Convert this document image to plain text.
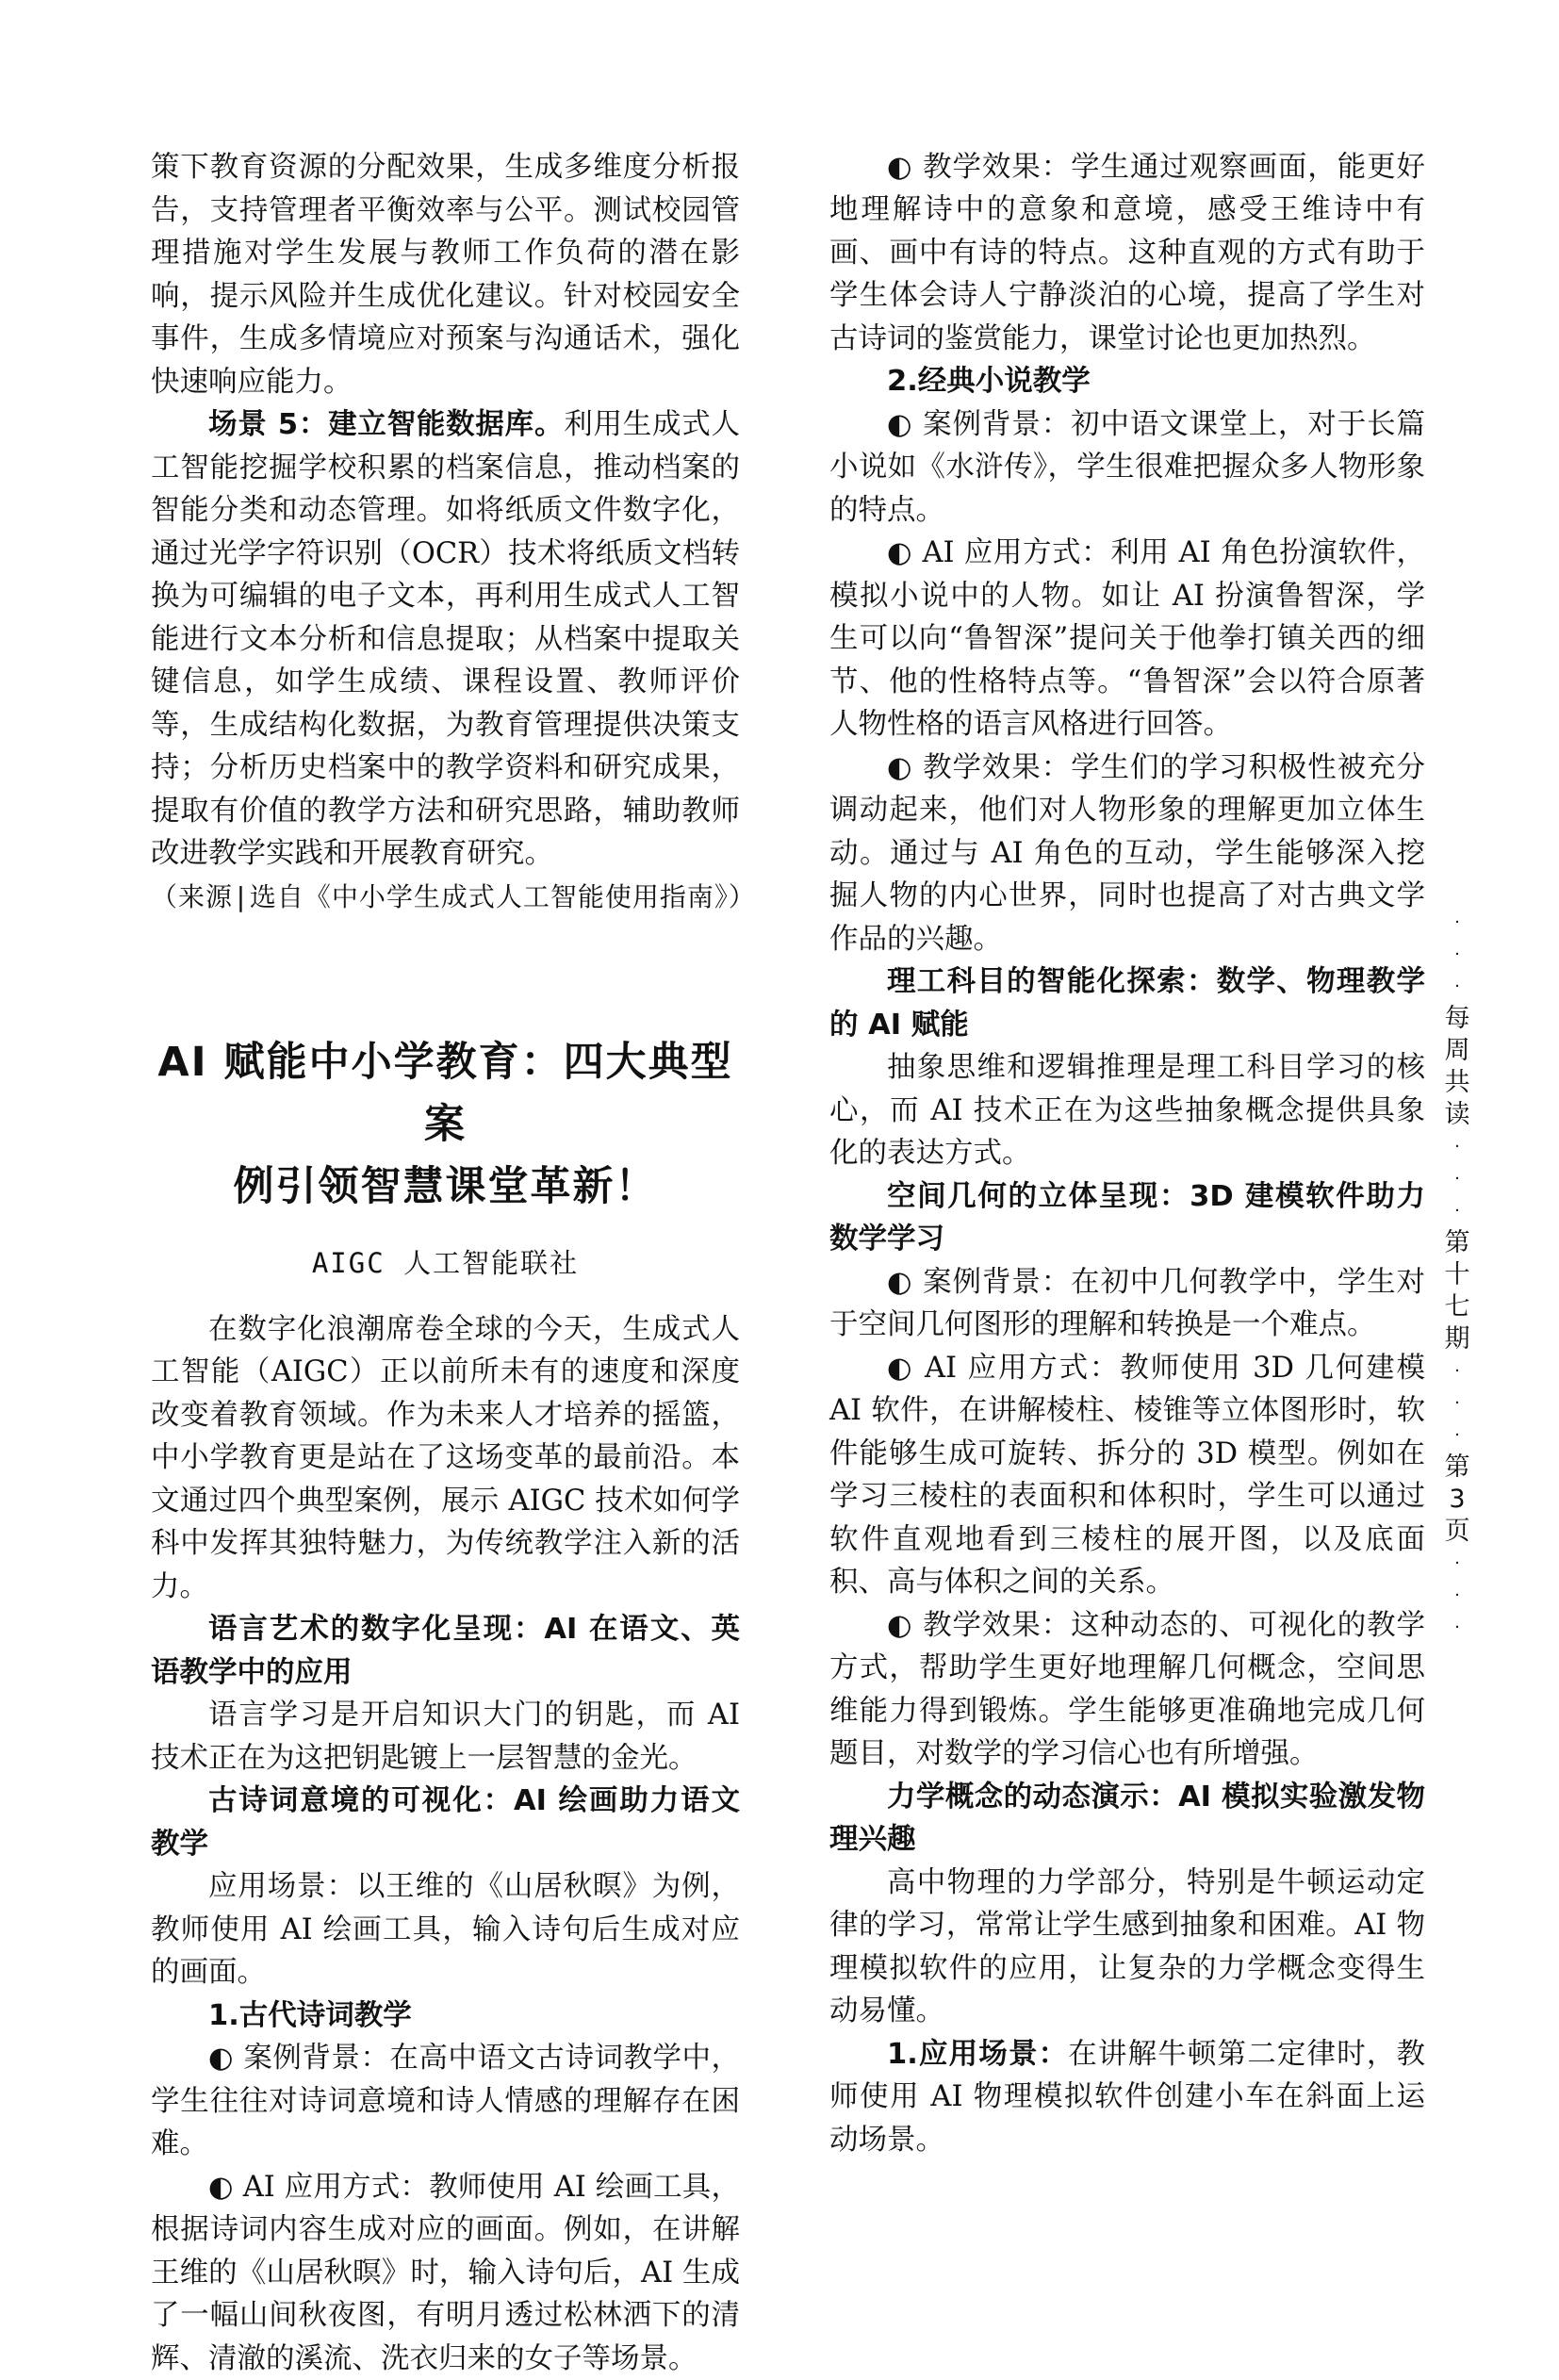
策下教育资源的分配效果，生成多维度分析报告，支持管理者平衡效率与公平。测试校园管理措施对学生发展与教师工作负荷的潜在影响，提示风险并生成优化建议。针对校园安全事件，生成多情境应对预案与沟通话术，强化快速响应能力。

场景 5：建立智能数据库。利用生成式人工智能挖掘学校积累的档案信息，推动档案的智能分类和动态管理。如将纸质文件数字化，通过光学字符识别（OCR）技术将纸质文档转换为可编辑的电子文本，再利用生成式人工智能进行文本分析和信息提取；从档案中提取关键信息，如学生成绩、课程设置、教师评价等，生成结构化数据，为教育管理提供决策支持；分析历史档案中的教学资料和研究成果，提取有价值的教学方法和研究思路，辅助教师改进教学实践和开展教育研究。

（来源|选自《中小学生成式人工智能使用指南》）

AI 赋能中小学教育：四大典型案
例引领智慧课堂革新！

AIGC 人工智能联社

在数字化浪潮席卷全球的今天，生成式人工智能（AIGC）正以前所未有的速度和深度改变着教育领域。作为未来人才培养的摇篮，中小学教育更是站在了这场变革的最前沿。本文通过四个典型案例，展示 AIGC 技术如何学科中发挥其独特魅力，为传统教学注入新的活力。

语言艺术的数字化呈现：AI 在语文、英语教学中的应用

语言学习是开启知识大门的钥匙，而 AI 技术正在为这把钥匙镀上一层智慧的金光。

古诗词意境的可视化：AI 绘画助力语文教学

应用场景：以王维的《山居秋暝》为例，教师使用 AI 绘画工具，输入诗句后生成对应的画面。

1.古代诗词教学

◐ 案例背景：在高中语文古诗词教学中，学生往往对诗词意境和诗人情感的理解存在困难。

◐ AI 应用方式：教师使用 AI 绘画工具，根据诗词内容生成对应的画面。例如，在讲解王维的《山居秋暝》时，输入诗句后，AI 生成了一幅山间秋夜图，有明月透过松林洒下的清辉、清澈的溪流、洗衣归来的女子等场景。

◐ 教学效果：学生通过观察画面，能更好地理解诗中的意象和意境，感受王维诗中有画、画中有诗的特点。这种直观的方式有助于学生体会诗人宁静淡泊的心境，提高了学生对古诗词的鉴赏能力，课堂讨论也更加热烈。

2.经典小说教学

◐ 案例背景：初中语文课堂上，对于长篇小说如《水浒传》，学生很难把握众多人物形象的特点。

◐ AI 应用方式：利用 AI 角色扮演软件，模拟小说中的人物。如让 AI 扮演鲁智深，学生可以向“鲁智深”提问关于他拳打镇关西的细节、他的性格特点等。“鲁智深”会以符合原著人物性格的语言风格进行回答。

◐ 教学效果：学生们的学习积极性被充分调动起来，他们对人物形象的理解更加立体生动。通过与 AI 角色的互动，学生能够深入挖掘人物的内心世界，同时也提高了对古典文学作品的兴趣。

理工科目的智能化探索：数学、物理教学的 AI 赋能

抽象思维和逻辑推理是理工科目学习的核心，而 AI 技术正在为这些抽象概念提供具象化的表达方式。

空间几何的立体呈现：3D 建模软件助力数学学习

◐ 案例背景：在初中几何教学中，学生对于空间几何图形的理解和转换是一个难点。

◐ AI 应用方式：教师使用 3D 几何建模 AI 软件，在讲解棱柱、棱锥等立体图形时，软件能够生成可旋转、拆分的 3D 模型。例如在学习三棱柱的表面积和体积时，学生可以通过软件直观地看到三棱柱的展开图，以及底面积、高与体积之间的关系。

◐ 教学效果：这种动态的、可视化的教学方式，帮助学生更好地理解几何概念，空间思维能力得到锻炼。学生能够更准确地完成几何题目，对数学的学习信心也有所增强。

力学概念的动态演示：AI 模拟实验激发物理兴趣

高中物理的力学部分，特别是牛顿运动定律的学习，常常让学生感到抽象和困难。AI 物理模拟软件的应用，让复杂的力学概念变得生动易懂。

1.应用场景：在讲解牛顿第二定律时，教师使用 AI 物理模拟软件创建小车在斜面上运动场景。

·
·
·
每
周
共
读
·
·
·
第
十
七
期
·
·
·
第
3
页
·
·
·
